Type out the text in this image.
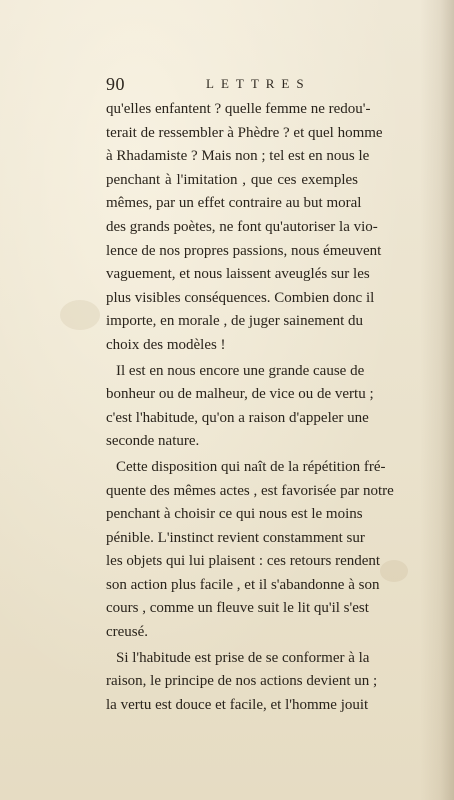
90	LETTRES
qu'elles enfantent ? quelle femme ne redou'-
terait de ressembler à Phèdre ? et quel homme
à Rhadamiste ? Mais non ; tel est en nous le
penchant à l'imitation , que ces exemples
mêmes, par un effet contraire au but moral
des grands poètes, ne font qu'autoriser la vio-
lence de nos propres passions, nous émeuvent
vaguement, et nous laissent aveuglés sur les
plus visibles conséquences. Combien donc il
importe, en morale , de juger sainement du
choix des modèles !
Il est en nous encore une grande cause de
bonheur ou de malheur, de vice ou de vertu ;
c'est l'habitude, qu'on a raison d'appeler une
seconde nature.
Cette disposition qui naît de la répétition fré-
quente des mêmes actes , est favorisée par notre
penchant à choisir ce qui nous est le moins
pénible. L'instinct revient constamment sur
les objets qui lui plaisent : ces retours rendent
son action plus facile , et il s'abandonne à son
cours , comme un fleuve suit le lit qu'il s'est
creusé.
Si l'habitude est prise de se conformer à la
raison, le principe de nos actions devient un ;
la vertu est douce et facile, et l'homme jouit
